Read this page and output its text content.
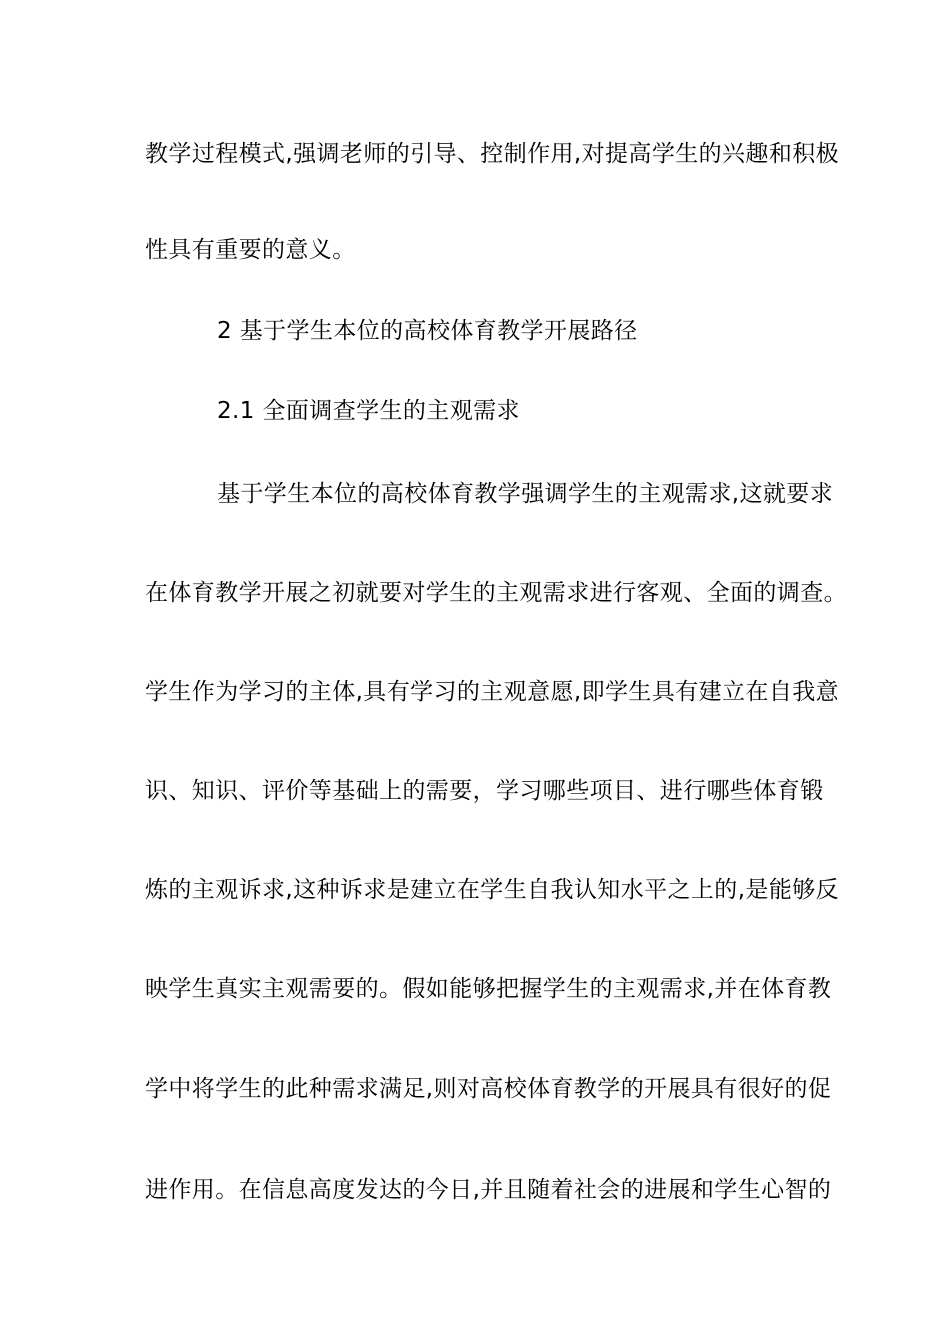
教学过程模式,强调老师的引导、控制作用,对提高学生的兴趣和积极
性具有重要的意义。
2 基于学生本位的高校体育教学开展路径
2.1 全面调查学生的主观需求
基于学生本位的高校体育教学强调学生的主观需求,这就要求
在体育教学开展之初就要对学生的主观需求进行客观、全面的调查。
学生作为学习的主体,具有学习的主观意愿,即学生具有建立在自我意
识、知识、评价等基础上的需要，学习哪些项目、进行哪些体育锻
炼的主观诉求,这种诉求是建立在学生自我认知水平之上的,是能够反
映学生真实主观需要的。假如能够把握学生的主观需求,并在体育教
学中将学生的此种需求满足,则对高校体育教学的开展具有很好的促
进作用。在信息高度发达的今日,并且随着社会的进展和学生心智的
